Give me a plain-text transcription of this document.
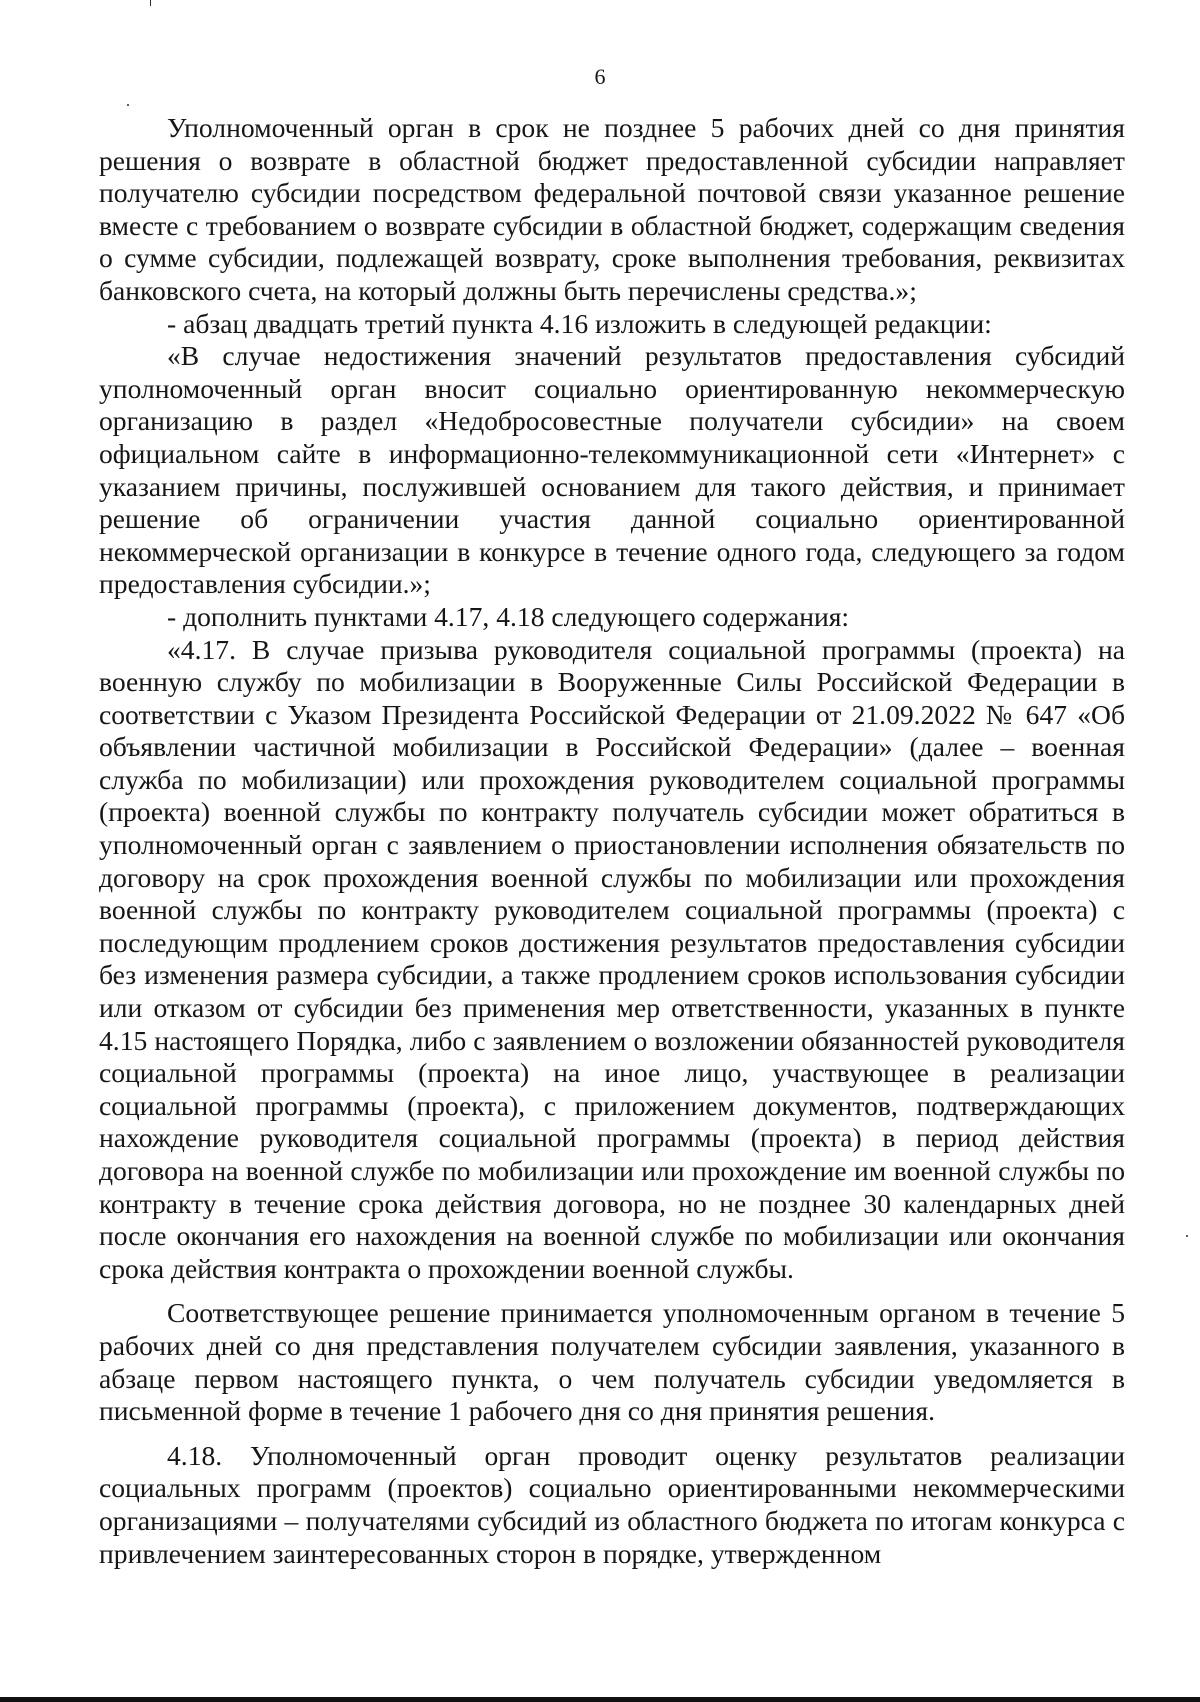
6

Уполномоченный орган в срок не позднее 5 рабочих дней со дня принятия решения о возврате в областной бюджет предоставленной субсидии направляет получателю субсидии посредством федеральной почтовой связи указанное решение вместе с требованием о возврате субсидии в областной бюджет, содержащим сведения о сумме субсидии, подлежащей возврату, сроке выполнения требования, реквизитах банковского счета, на который должны быть перечислены средства.»;

- абзац двадцать третий пункта 4.16 изложить в следующей редакции:

«В случае недостижения значений результатов предоставления субсидий уполномоченный орган вносит социально ориентированную некоммерческую организацию в раздел «Недобросовестные получатели субсидии» на своем официальном сайте в информационно-телекоммуникационной сети «Интернет» с указанием причины, послужившей основанием для такого действия, и принимает решение об ограничении участия данной социально ориентированной некоммерческой организации в конкурсе в течение одного года, следующего за годом предоставления субсидии.»;

- дополнить пунктами 4.17, 4.18 следующего содержания:

«4.17. В случае призыва руководителя социальной программы (проекта) на военную службу по мобилизации в Вооруженные Силы Российской Федерации в соответствии с Указом Президента Российской Федерации от 21.09.2022 № 647 «Об объявлении частичной мобилизации в Российской Федерации» (далее – военная служба по мобилизации) или прохождения руководителем социальной программы (проекта) военной службы по контракту получатель субсидии может обратиться в уполномоченный орган с заявлением о приостановлении исполнения обязательств по договору на срок прохождения военной службы по мобилизации или прохождения военной службы по контракту руководителем социальной программы (проекта) с последующим продлением сроков достижения результатов предоставления субсидии без изменения размера субсидии, а также продлением сроков использования субсидии или отказом от субсидии без применения мер ответственности, указанных в пункте 4.15 настоящего Порядка, либо с заявлением о возложении обязанностей руководителя социальной программы (проекта) на иное лицо, участвующее в реализации социальной программы (проекта), с приложением документов, подтверждающих нахождение руководителя социальной программы (проекта) в период действия договора на военной службе по мобилизации или прохождение им военной службы по контракту в течение срока действия договора, но не позднее 30 календарных дней после окончания его нахождения на военной службе по мобилизации или окончания срока действия контракта о прохождении военной службы.

Соответствующее решение принимается уполномоченным органом в течение 5 рабочих дней со дня представления получателем субсидии заявления, указанного в абзаце первом настоящего пункта, о чем получатель субсидии уведомляется в письменной форме в течение 1 рабочего дня со дня принятия решения.

4.18. Уполномоченный орган проводит оценку результатов реализации социальных программ (проектов) социально ориентированными некоммерческими организациями – получателями субсидий из областного бюджета по итогам конкурса с привлечением заинтересованных сторон в порядке, утвержденном
